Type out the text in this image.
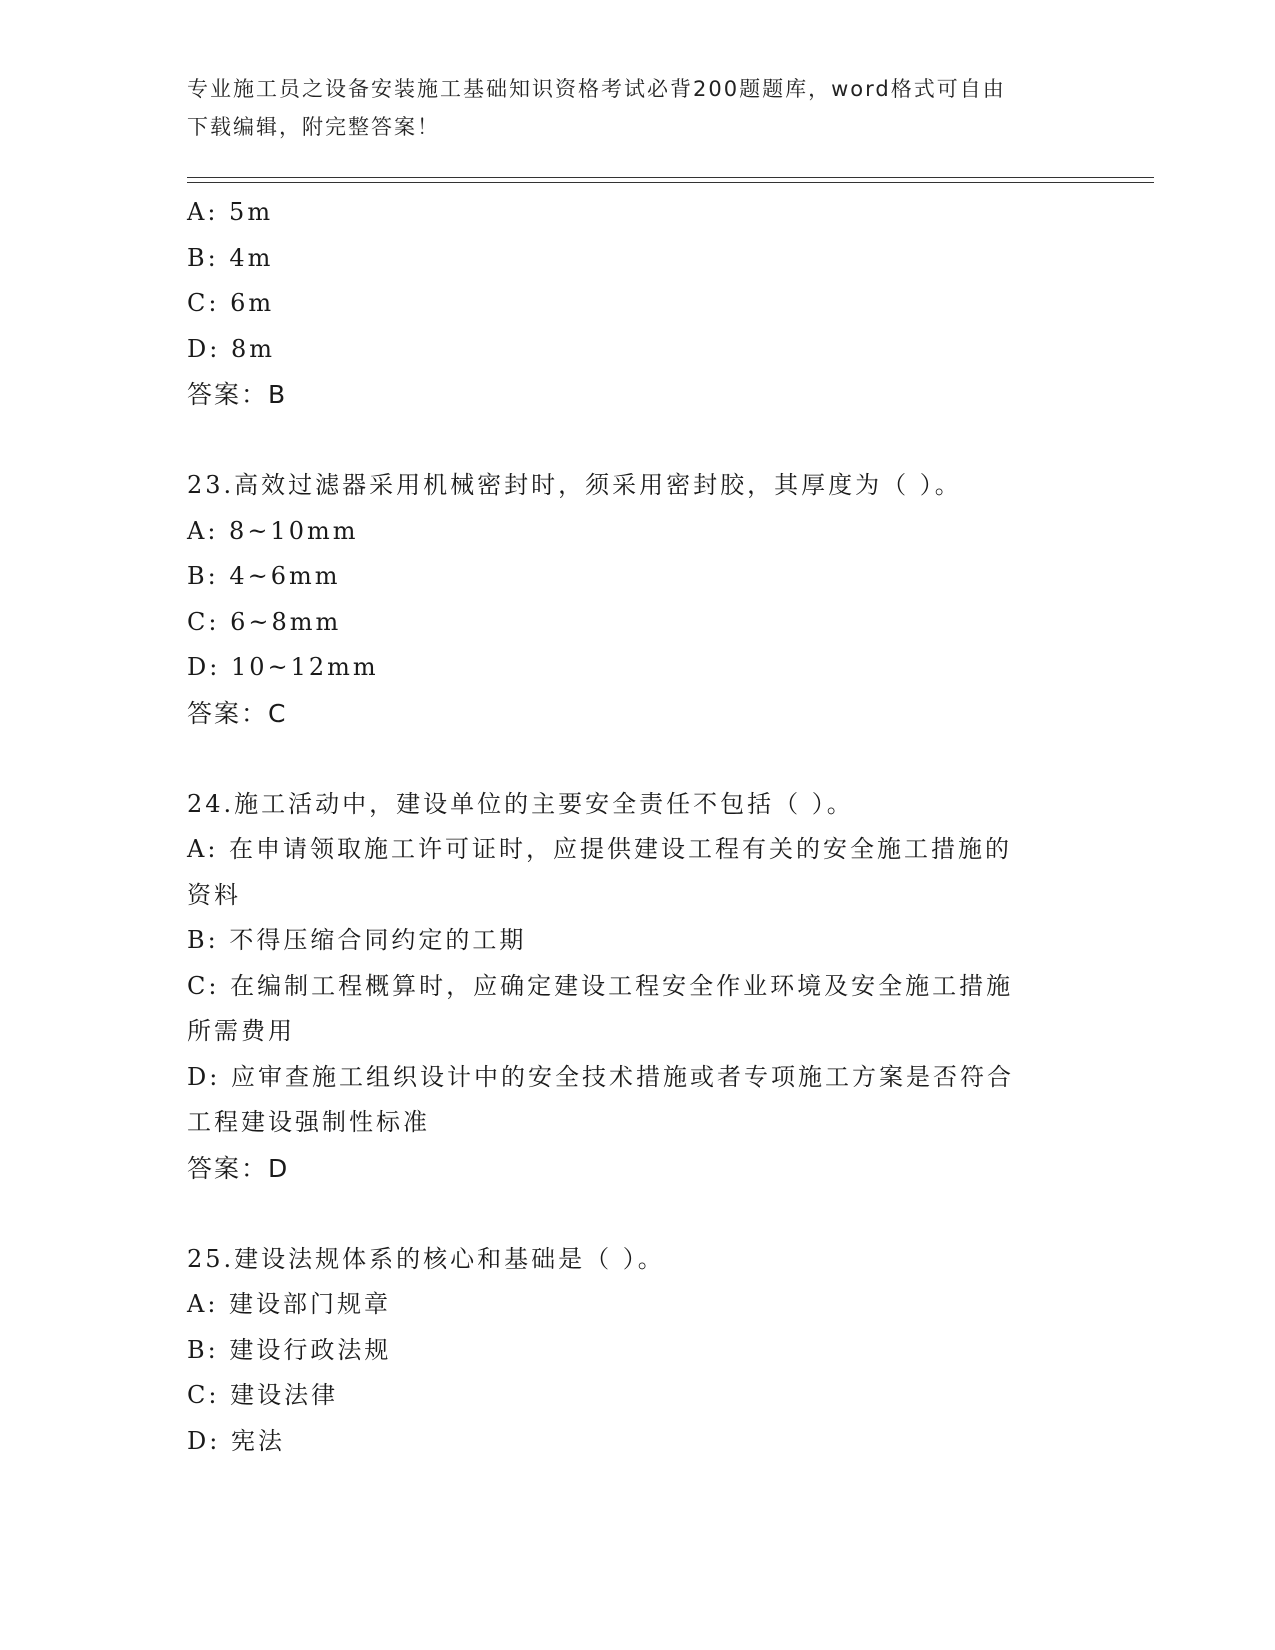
专业施工员之设备安装施工基础知识资格考试必背200题题库，word格式可自由
下载编辑，附完整答案！
A: 5m
B: 4m
C: 6m
D: 8m
答案：B
23.高效过滤器采用机械密封时，须采用密封胶，其厚度为（ ）。
A: 8~10mm
B: 4~6mm
C: 6~8mm
D: 10~12mm
答案：C
24.施工活动中，建设单位的主要安全责任不包括（ ）。
A: 在申请领取施工许可证时，应提供建设工程有关的安全施工措施的
资料
B: 不得压缩合同约定的工期
C: 在编制工程概算时，应确定建设工程安全作业环境及安全施工措施
所需费用
D: 应审查施工组织设计中的安全技术措施或者专项施工方案是否符合
工程建设强制性标准
答案：D
25.建设法规体系的核心和基础是（ ）。
A: 建设部门规章
B: 建设行政法规
C: 建设法律
D: 宪法
